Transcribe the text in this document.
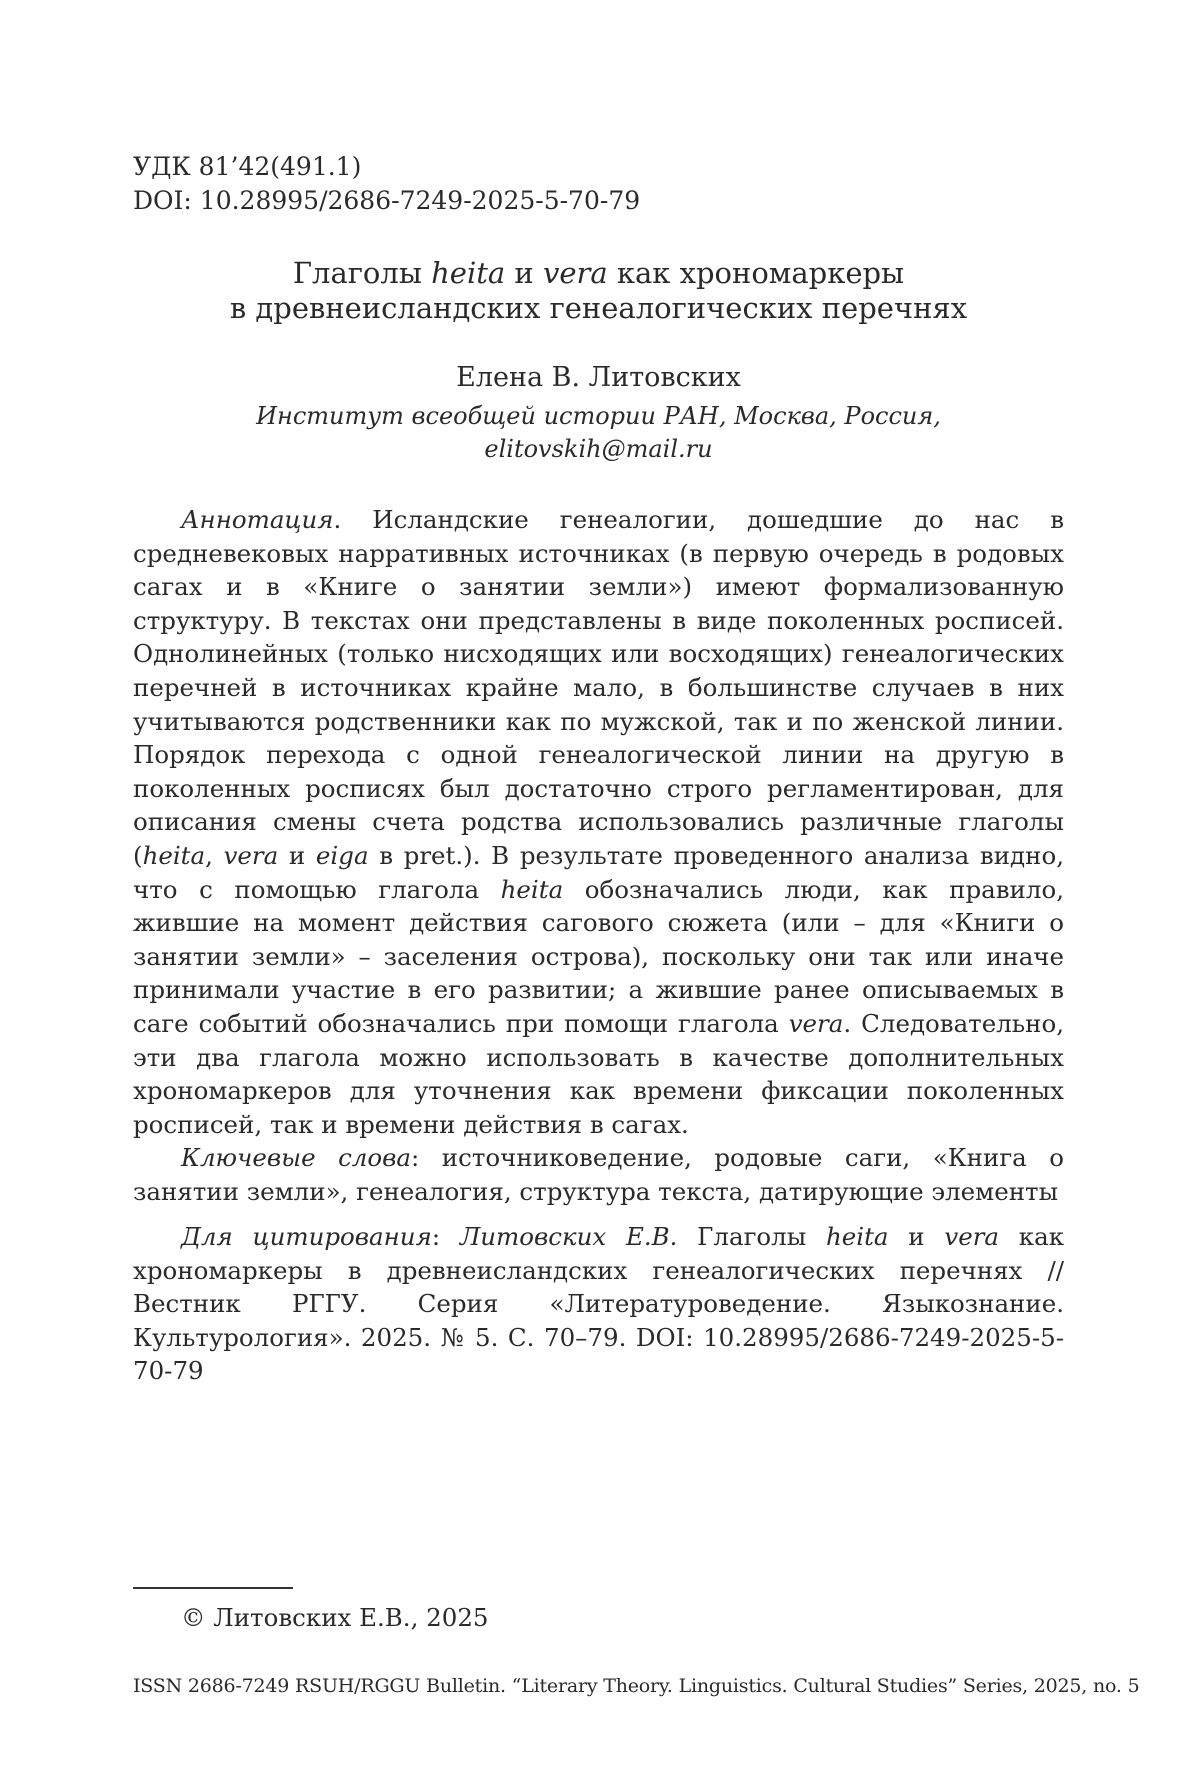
УДК 81’42(491.1)
DOI: 10.28995/2686-7249-2025-5-70-79
Глаголы heita и vera как хрономаркеры
в древнеисландских генеалогических перечнях
Елена В. Литовских
Институт всеобщей истории РАН, Москва, Россия,
elitovskih@mail.ru

Аннотация. Исландские генеалогии, дошедшие до нас в средневековых нарративных источниках (в первую очередь в родовых сагах и в «Книге о занятии земли») имеют формализованную структуру. В текстах они представлены в виде поколенных росписей. Однолинейных (только нисходящих или восходящих) генеалогических перечней в источниках крайне мало, в большинстве случаев в них учитываются родственники как по мужской, так и по женской линии. Порядок перехода с одной генеалогической линии на другую в поколенных росписях был достаточно строго регламентирован, для описания смены счета родства использовались различные глаголы (heita, vera и eiga в pret.). В результате проведенного анализа видно, что с помощью глагола heita обозначались люди, как правило, жившие на момент действия сагового сюжета (или – для «Книги о занятии земли» – заселения острова), поскольку они так или иначе принимали участие в его развитии; а жившие ранее описываемых в саге событий обозначались при помощи глагола vera. Следовательно, эти два глагола можно использовать в качестве дополнительных хрономаркеров для уточнения как времени фиксации поколенных росписей, так и времени действия в сагах.

Ключевые слова: источниковедение, родовые саги, «Книга о занятии земли», генеалогия, структура текста, датирующие элементы

Для цитирования: Литовских Е.В. Глаголы heita и vera как хрономаркеры в древнеисландских генеалогических перечнях // Вестник РГГУ. Серия «Литературоведение. Языкознание. Культурология». 2025. № 5. С. 70–79. DOI: 10.28995/2686-7249-2025-5-70-79

© Литовских Е.В., 2025
ISSN 2686-7249 RSUH/RGGU Bulletin. “Literary Theory. Linguistics. Cultural Studies” Series, 2025, no. 5
